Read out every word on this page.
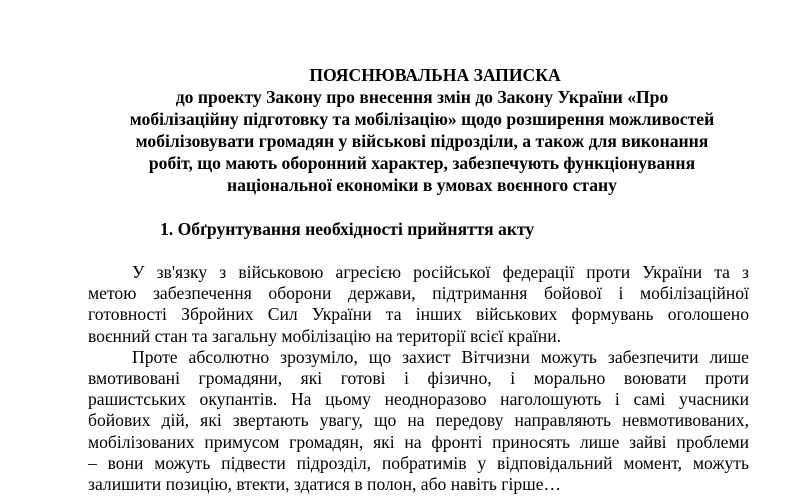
ПОЯСНЮВАЛЬНА ЗАПИСКА
до проекту Закону про внесення змін до Закону України «Про
мобілізаційну підготовку та мобілізацію» щодо розширення можливостей
мобілізовувати громадян у військові підрозділи, а також для виконання
робіт, що мають оборонний характер, забезпечують функціонування
національної економіки в умовах воєнного стану
1. Обґрунтування необхідності прийняття акту
У зв'язку з військовою агресією російської федерації проти України та з
метою забезпечення оборони держави, підтримання бойової і мобілізаційної
готовності Збройних Сил України та інших військових формувань оголошено
воєнний стан та загальну мобілізацію на території всієї країни.
Проте абсолютно зрозуміло, що захист Вітчизни можуть забезпечити лише
вмотивовані громадяни, які готові і фізично, і морально воювати проти
рашистських окупантів. На цьому неодноразово наголошують і самі учасники
бойових дій, які звертають увагу, що на передову направляють невмотивованих,
мобілізованих примусом громадян, які на фронті приносять лише зайві проблеми
– вони можуть підвести підрозділ, побратимів у відповідальний момент, можуть
залишити позицію, втекти, здатися в полон, або навіть гірше…
